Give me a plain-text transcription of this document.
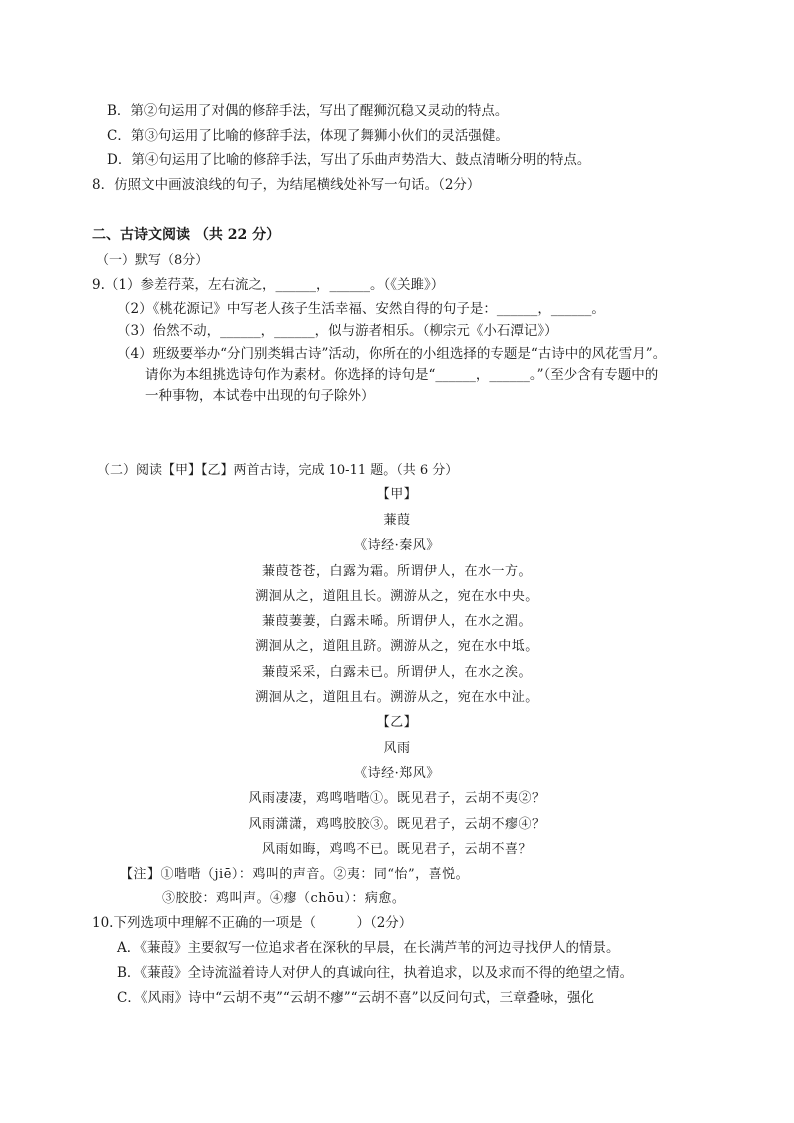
B．第②句运用了对偶的修辞手法，写出了醒狮沉稳又灵动的特点。
C．第③句运用了比喻的修辞手法，体现了舞狮小伙们的灵活强健。
D．第④句运用了比喻的修辞手法，写出了乐曲声势浩大、鼓点清晰分明的特点。
8．仿照文中画波浪线的句子，为结尾横线处补写一句话。（2分）
二、古诗文阅读 （共 22 分）
（一）默写（8分）
9.（1）参差荇菜，左右流之，______，______。（《关雎》）
（2）《桃花源记》中写老人孩子生活幸福、安然自得的句子是：______，______。
（3）佁然不动，______，______，似与游者相乐。（柳宗元《小石潭记》）
（4）班级要举办“分门别类辑古诗”活动，你所在的小组选择的专题是“古诗中的风花雪月”。
请你为本组挑选诗句作为素材。你选择的诗句是“______，______。”（至少含有专题中的
一种事物，本试卷中出现的句子除外）
（二）阅读【甲】【乙】两首古诗，完成 10-11 题。（共 6 分）
【甲】
蒹葭
《诗经·秦风》
蒹葭苍苍，白露为霜。所谓伊人，在水一方。
溯洄从之，道阻且长。溯游从之，宛在水中央。
蒹葭萋萋，白露未晞。所谓伊人，在水之湄。
溯洄从之，道阻且跻。溯游从之，宛在水中坻。
蒹葭采采，白露未已。所谓伊人，在水之涘。
溯洄从之，道阻且右。溯游从之，宛在水中沚。
【乙】
风雨
《诗经·郑风》
风雨凄凄，鸡鸣喈喈①。既见君子，云胡不夷②？
风雨潇潇，鸡鸣胶胶③。既见君子，云胡不瘳④？
风雨如晦，鸡鸣不已。既见君子，云胡不喜？
【注】①喈喈（jiē）：鸡叫的声音。②夷：同“怡”，喜悦。
③胶胶：鸡叫声。④瘳（chōu）：病愈。
10.下列选项中理解不正确的一项是（　　　）（2分）
A．《蒹葭》主要叙写一位追求者在深秋的早晨，在长满芦苇的河边寻找伊人的情景。
B．《蒹葭》全诗流溢着诗人对伊人的真诚向往，执着追求，以及求而不得的绝望之情。
C．《风雨》诗中“云胡不夷”“云胡不瘳”“云胡不喜”以反问句式，三章叠咏，强化
